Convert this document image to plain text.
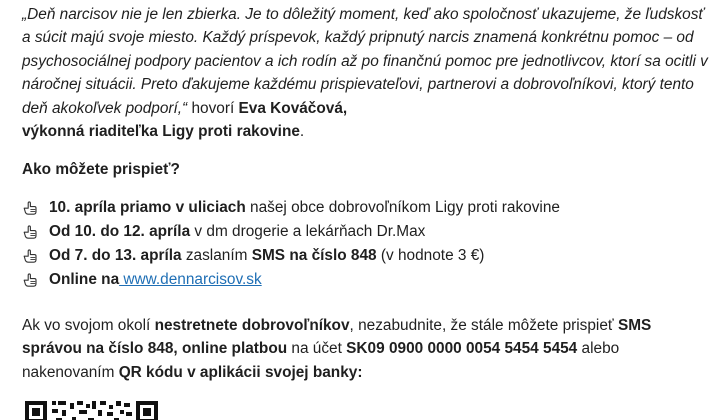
„Deň narcisov nie je len zbierka. Je to dôležitý moment, keď ako spoločnosť ukazujeme, že ľudskosť a súcit majú svoje miesto. Každý príspevok, každý pripnutý narcis znamená konkrétnu pomoc – od psychosociálnej podpory pacientov a ich rodín až po finančnú pomoc pre jednotlivcov, ktorí sa ocitli v náročnej situácii. Preto ďakujeme každému prispievateľovi, partnerovi a dobrovoľníkovi, ktorý tento deň akokoľvek podporí,“ hovorí Eva Kováčová,
výkonná riaditeľka Ligy proti rakovine.

Ako môžete prispieť?

10. apríla priamo v uliciach našej obce dobrovoľníkom Ligy proti rakovine
Od 10. do 12. apríla v dm drogerie a lekárňach Dr.Max
Od 7. do 13. apríla zaslaním SMS na číslo 848 (v hodnote 3 €)
Online na www.dennarcisov.sk

Ak vo svojom okolí nestretnete dobrovoľníkov, nezabudnite, že stále môžete prispieť SMS správou na číslo 848, online platbou na účet SK09 0900 0000 0054 5454 5454 alebo nakenovaním QR kódu v aplikácii svojej banky:
